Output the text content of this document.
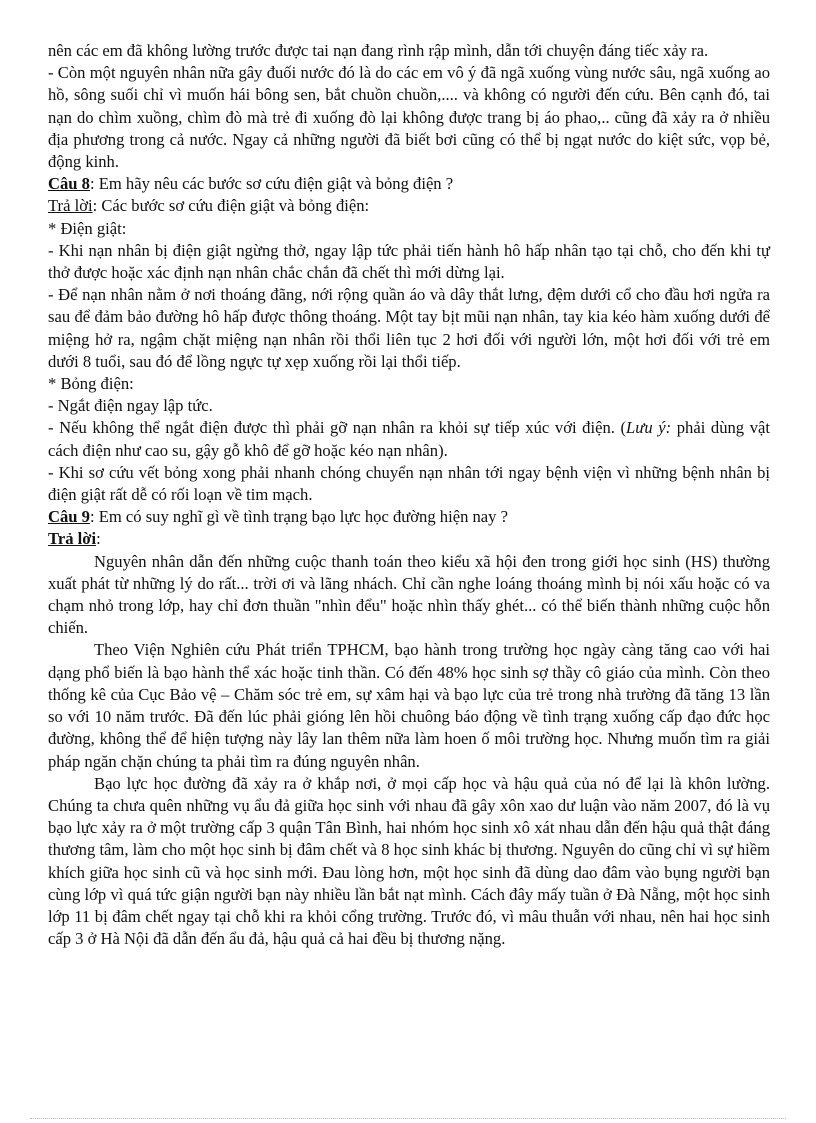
nên các em đã không lường trước được tai nạn đang rình rập mình, dẫn tới chuyện đáng tiếc xảy ra.

- Còn một nguyên nhân nữa gây đuối nước đó là do các em vô ý đã ngã xuống vùng nước sâu, ngã xuống ao hồ, sông suối chỉ vì muốn hái bông sen, bắt chuồn chuồn,.... và không có người đến cứu. Bên cạnh đó, tai nạn do chìm xuồng, chìm đò mà trẻ đi xuống đò lại không được trang bị áo phao,.. cũng đã xảy ra ở nhiều địa phương trong cả nước. Ngay cả những người đã biết bơi cũng có thể bị ngạt nước do kiệt sức, vọp bẻ, động kinh.

Câu 8: Em hãy nêu các bước sơ cứu điện giật và bỏng điện ?

Trả lời: Các bước sơ cứu điện giật và bỏng điện:

* Điện giật:

- Khi nạn nhân bị điện giật ngừng thở, ngay lập tức phải tiến hành hô hấp nhân tạo tại chỗ, cho đến khi tự thở được hoặc xác định nạn nhân chắc chắn đã chết thì mới dừng lại.

- Để nạn nhân nằm ở nơi thoáng đãng, nới rộng quần áo và dây thắt lưng, đệm dưới cổ cho đầu hơi ngửa ra sau để đảm bảo đường hô hấp được thông thoáng. Một tay bịt mũi nạn nhân, tay kia kéo hàm xuống dưới để miệng hở ra, ngậm chặt miệng nạn nhân rồi thổi liên tục 2 hơi đối với người lớn, một hơi đối với trẻ em dưới 8 tuổi, sau đó để lồng ngực tự xẹp xuống rồi lại thổi tiếp.

* Bỏng điện:

- Ngắt điện ngay lập tức.

- Nếu không thể ngắt điện được thì phải gỡ nạn nhân ra khỏi sự tiếp xúc với điện. (Lưu ý: phải dùng vật cách điện như cao su, gậy gỗ khô để gỡ hoặc kéo nạn nhân).

- Khi sơ cứu vết bỏng xong phải nhanh chóng chuyển nạn nhân tới ngay bệnh viện vì những bệnh nhân bị điện giật rất dễ có rối loạn về tim mạch.

Câu 9: Em có suy nghĩ gì về tình trạng bạo lực học đường hiện nay ?

Trả lời:

Nguyên nhân dẫn đến những cuộc thanh toán theo kiểu xã hội đen trong giới học sinh (HS) thường xuất phát từ những lý do rất... trời ơi và lãng nhách. Chỉ cần nghe loáng thoáng mình bị nói xấu hoặc có va chạm nhỏ trong lớp, hay chỉ đơn thuần "nhìn đểu" hoặc nhìn thấy ghét... có thể biến thành những cuộc hỗn chiến.

Theo Viện Nghiên cứu Phát triển TPHCM, bạo hành trong trường học ngày càng tăng cao với hai dạng phổ biến là bạo hành thể xác hoặc tinh thần. Có đến 48% học sinh sợ thầy cô giáo của mình. Còn theo thống kê của Cục Bảo vệ – Chăm sóc trẻ em, sự xâm hại và bạo lực của trẻ trong nhà trường đã tăng 13 lần so với 10 năm trước. Đã đến lúc phải gióng lên hồi chuông báo động về tình trạng xuống cấp đạo đức học đường, không thể để hiện tượng này lây lan thêm nữa làm hoen ố môi trường học. Nhưng muốn tìm ra giải pháp ngăn chặn chúng ta phải tìm ra đúng nguyên nhân.

Bạo lực học đường đã xảy ra ở khắp nơi, ở mọi cấp học và hậu quả của nó để lại là khôn lường. Chúng ta chưa quên những vụ ẩu đả giữa học sinh với nhau đã gây xôn xao dư luận vào năm 2007, đó là vụ bạo lực xảy ra ở một trường cấp 3 quận Tân Bình, hai nhóm học sinh xô xát nhau dẫn đến hậu quả thật đáng thương tâm, làm cho một học sinh bị đâm chết và 8 học sinh khác bị thương. Nguyên do cũng chỉ vì sự hiềm khích giữa học sinh cũ và học sinh mới. Đau lòng hơn, một học sinh đã dùng dao đâm vào bụng người bạn cùng lớp vì quá tức giận người bạn này nhiều lần bắt nạt mình. Cách đây mấy tuần ở Đà Nẵng, một học sinh lớp 11 bị đâm chết ngay tại chỗ khi ra khỏi cổng trường. Trước đó, vì mâu thuẫn với nhau, nên hai học sinh cấp 3 ở Hà Nội đã dẫn đến ẩu đả, hậu quả cả hai đều bị thương nặng.
